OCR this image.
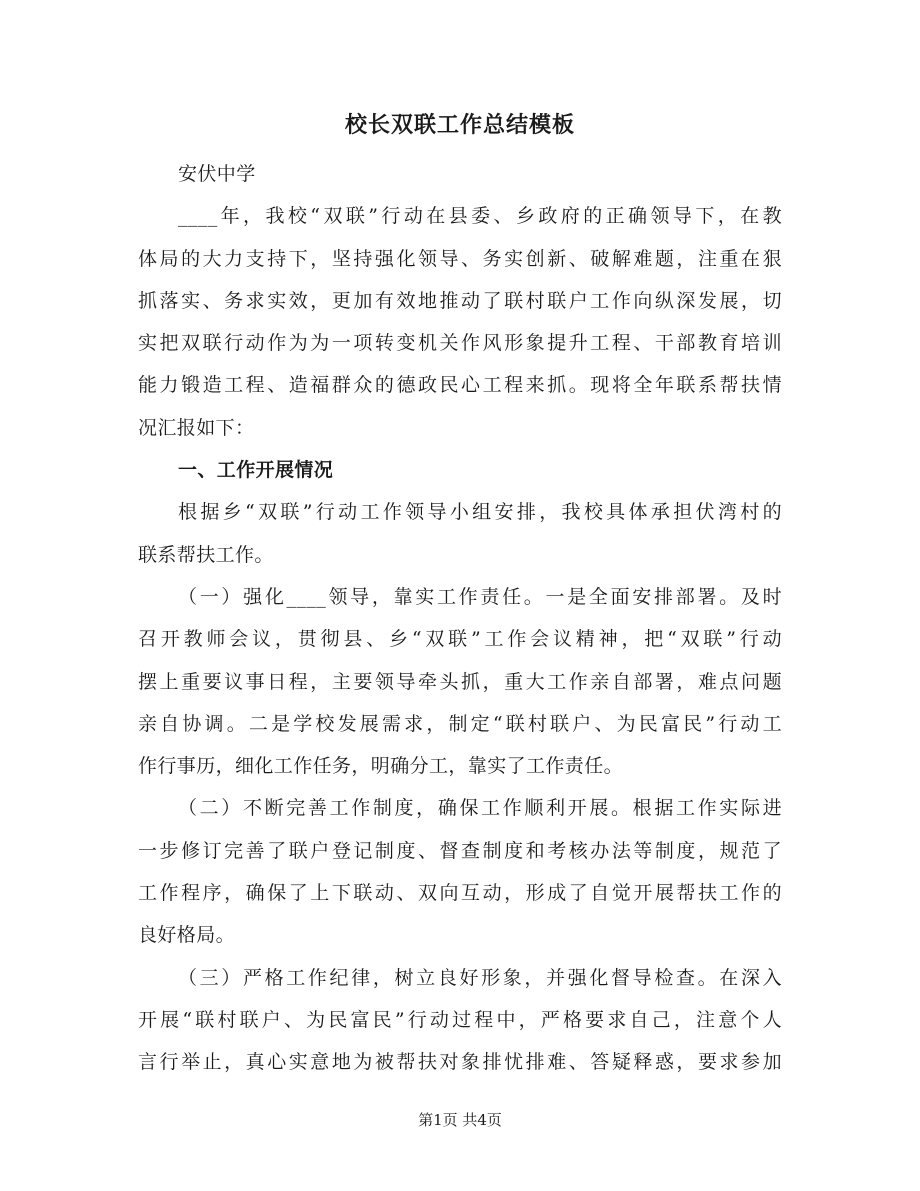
校长双联工作总结模板
安伏中学
____年，我校“双联”行动在县委、乡政府的正确领导下，在教
体局的大力支持下，坚持强化领导、务实创新、破解难题，注重在狠
抓落实、务求实效，更加有效地推动了联村联户工作向纵深发展，切
实把双联行动作为为一项转变机关作风形象提升工程、干部教育培训
能力锻造工程、造福群众的德政民心工程来抓。现将全年联系帮扶情
况汇报如下：
一、工作开展情况
根据乡“双联”行动工作领导小组安排，我校具体承担伏湾村的
联系帮扶工作。
（一）强化____领导，靠实工作责任。一是全面安排部署。及时
召开教师会议，贯彻县、乡“双联”工作会议精神，把“双联”行动
摆上重要议事日程，主要领导牵头抓，重大工作亲自部署，难点问题
亲自协调。二是学校发展需求，制定“联村联户、为民富民”行动工
作行事历，细化工作任务，明确分工，靠实了工作责任。
（二）不断完善工作制度，确保工作顺利开展。根据工作实际进
一步修订完善了联户登记制度、督查制度和考核办法等制度，规范了
工作程序，确保了上下联动、双向互动，形成了自觉开展帮扶工作的
良好格局。
（三）严格工作纪律，树立良好形象，并强化督导检查。在深入
开展“联村联户、为民富民”行动过程中，严格要求自己，注意个人
言行举止，真心实意地为被帮扶对象排忧排难、答疑释惑，要求参加
第1页 共4页
